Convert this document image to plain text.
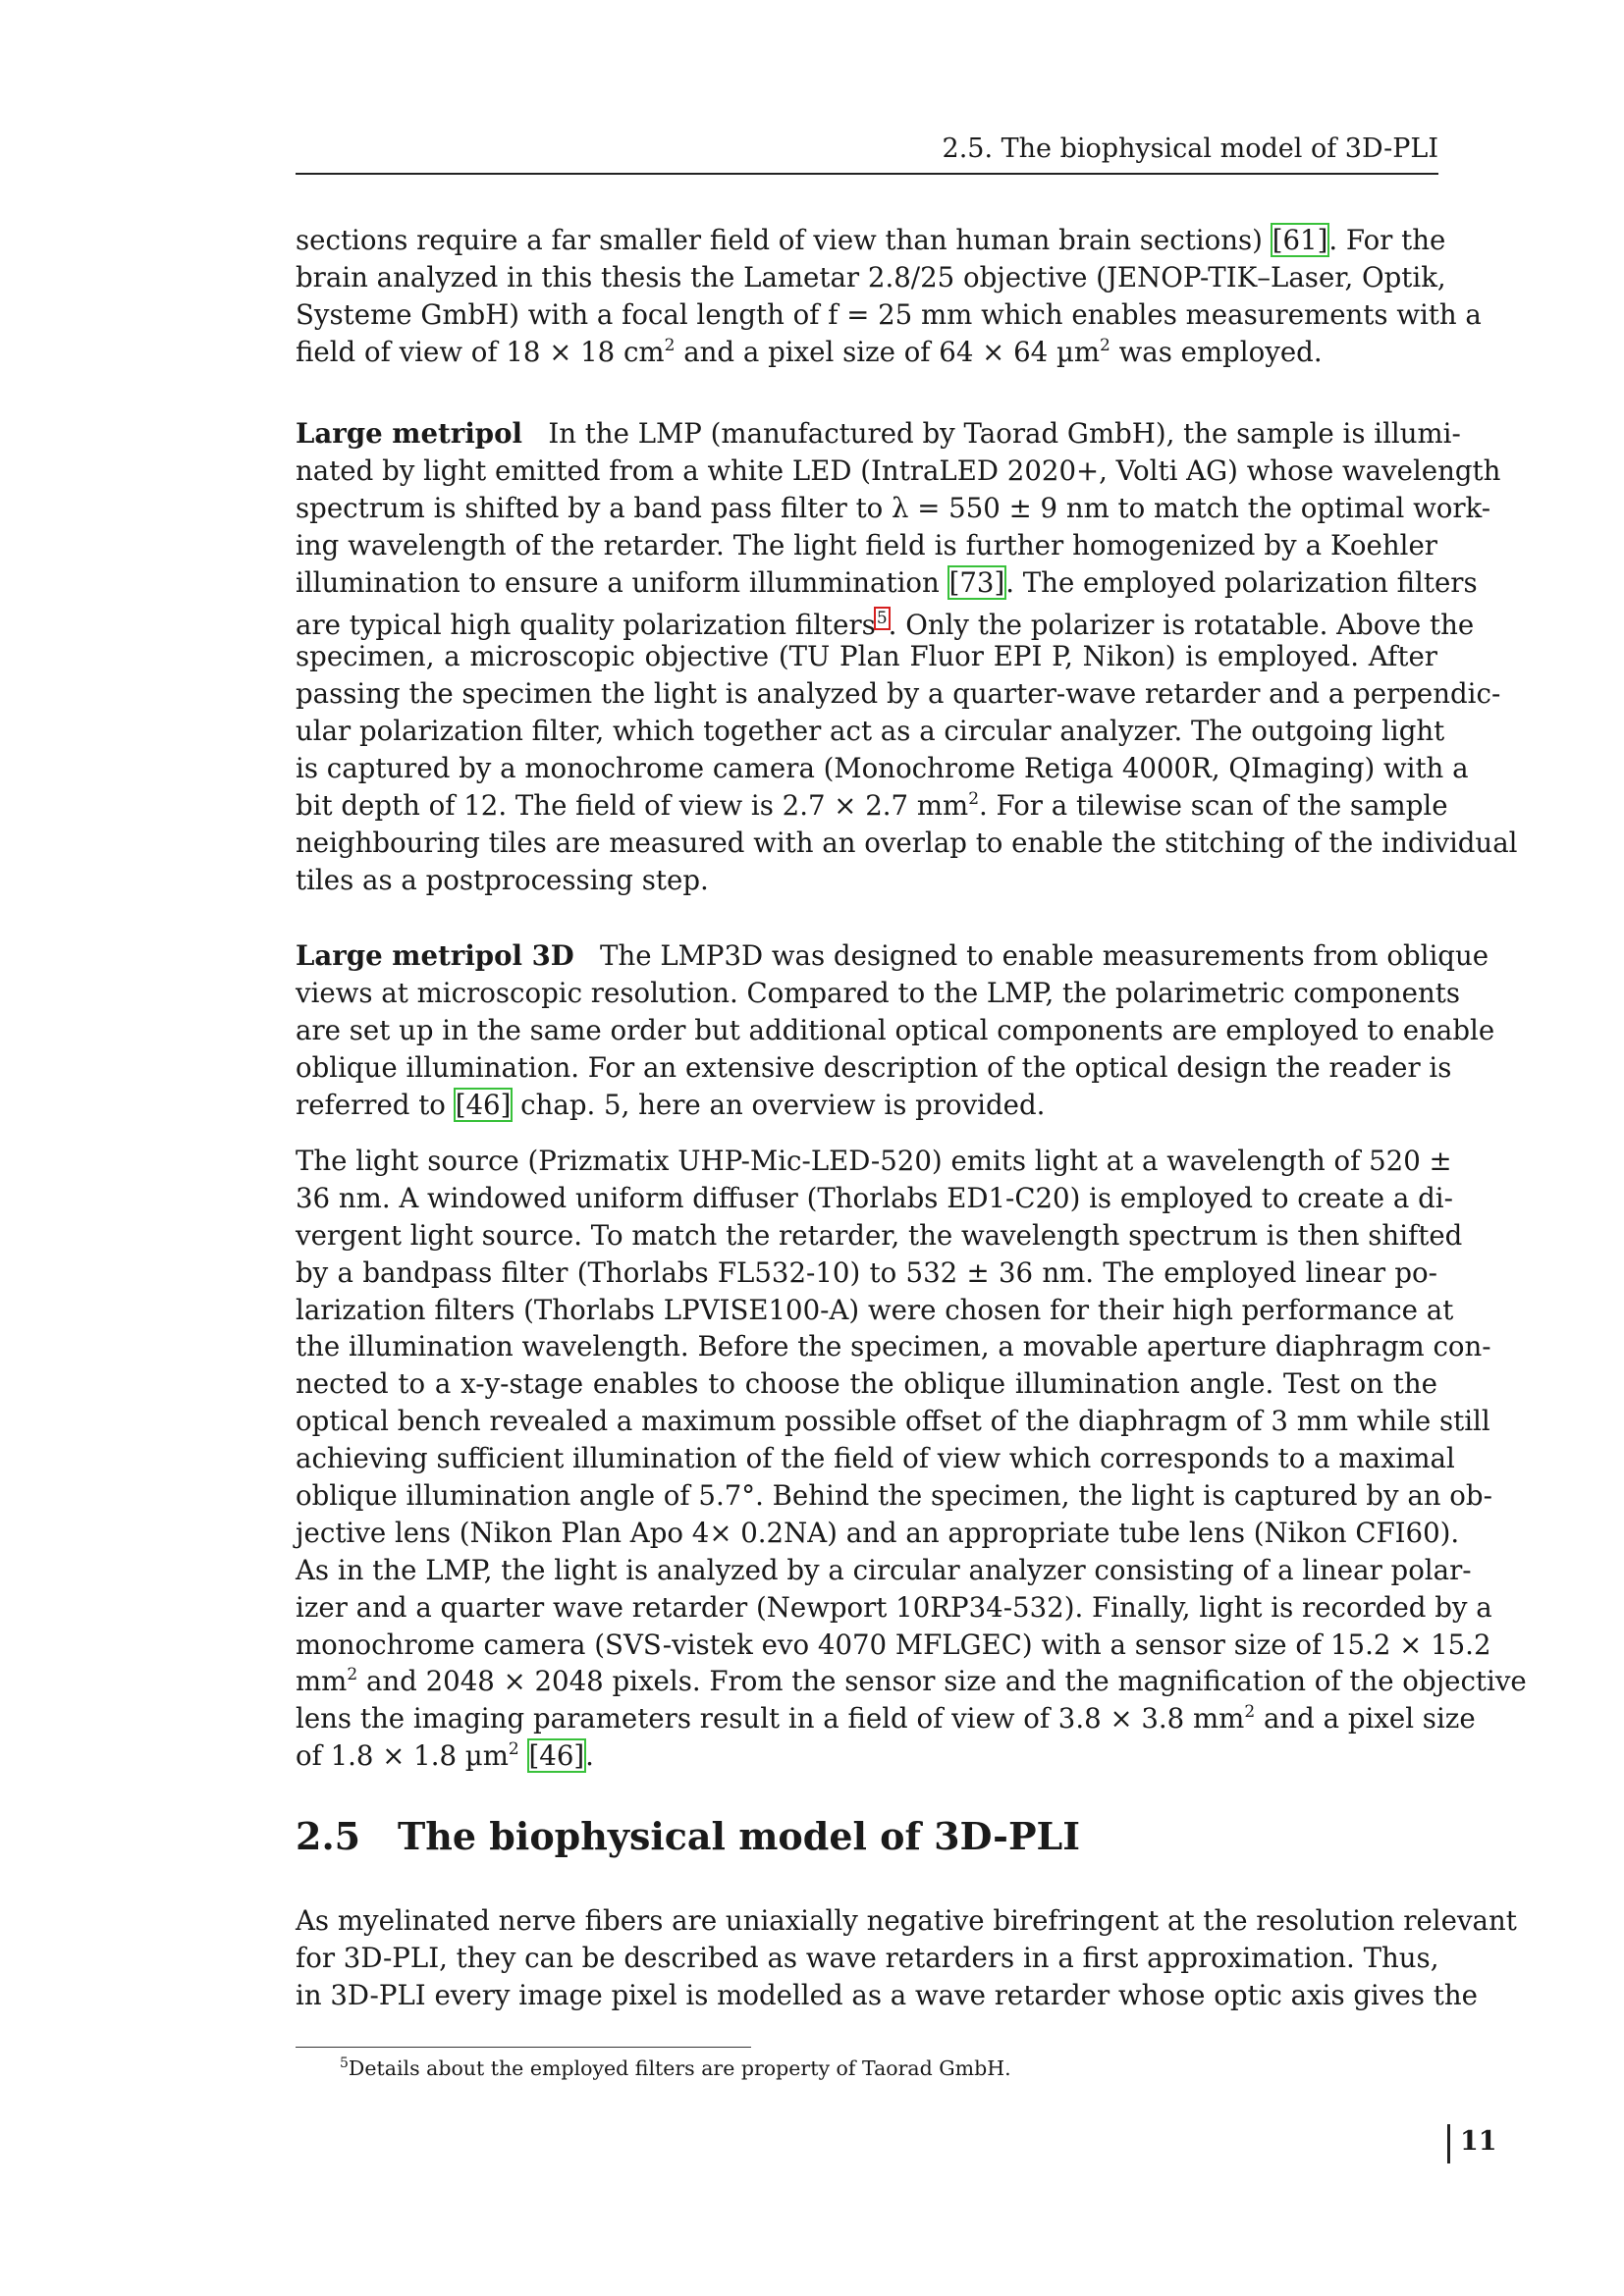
2.5. The biophysical model of 3D-PLI
sections require a far smaller field of view than human brain sections) [61]. For the
brain analyzed in this thesis the Lametar 2.8/25 objective (JENOP-TIK–Laser, Optik,
Systeme GmbH) with a focal length of f = 25 mm which enables measurements with a
field of view of 18 × 18 $cm^2$ and a pixel size of 64 × 64 µm$^2$ was employed.
Large metripol In the LMP (manufactured by Taorad GmbH), the sample is illumi-
nated by light emitted from a white LED (IntraLED 2020+, Volti AG) whose wavelength
spectrum is shifted by a band pass filter to λ = 550 ± 9 nm to match the optimal work-
ing wavelength of the retarder. The light field is further homogenized by a Koehler
illumination to ensure a uniform illummination [73]. The employed polarization filters
are typical high quality polarization filters$^5$. Only the polarizer is rotatable. Above the
specimen, a microscopic objective (TU Plan Fluor EPI P, Nikon) is employed. After
passing the specimen the light is analyzed by a quarter-wave retarder and a perpendic-
ular polarization filter, which together act as a circular analyzer. The outgoing light
is captured by a monochrome camera (Monochrome Retiga 4000R, QImaging) with a
bit depth of 12. The field of view is 2.7 × 2.7 $mm^2$. For a tilewise scan of the sample
neighbouring tiles are measured with an overlap to enable the stitching of the individual
tiles as a postprocessing step.
Large metripol 3D The LMP3D was designed to enable measurements from oblique
views at microscopic resolution. Compared to the LMP, the polarimetric components
are set up in the same order but additional optical components are employed to enable
oblique illumination. For an extensive description of the optical design the reader is
referred to [46] chap. 5, here an overview is provided.
The light source (Prizmatix UHP-Mic-LED-520) emits light at a wavelength of 520 ±
36 nm. A windowed uniform diffuser (Thorlabs ED1-C20) is employed to create a di-
vergent light source. To match the retarder, the wavelength spectrum is then shifted
by a bandpass filter (Thorlabs FL532-10) to 532 ± 36 nm. The employed linear po-
larization filters (Thorlabs LPVISE100-A) were chosen for their high performance at
the illumination wavelength. Before the specimen, a movable aperture diaphragm con-
nected to a x-y-stage enables to choose the oblique illumination angle. Test on the
optical bench revealed a maximum possible offset of the diaphragm of 3 mm while still
achieving sufficient illumination of the field of view which corresponds to a maximal
oblique illumination angle of 5.7°. Behind the specimen, the light is captured by an ob-
jective lens (Nikon Plan Apo 4× 0.2NA) and an appropriate tube lens (Nikon CFI60).
As in the LMP, the light is analyzed by a circular analyzer consisting of a linear polar-
izer and a quarter wave retarder (Newport 10RP34-532). Finally, light is recorded by a
monochrome camera (SVS-vistek evo 4070 MFLGEC) with a sensor size of 15.2 × 15.2
$mm^2$ and 2048 × 2048 pixels. From the sensor size and the magnification of the objective
lens the imaging parameters result in a field of view of 3.8 × 3.8 $mm^2$ and a pixel size
of 1.8 × 1.8 µm$^2$ [46].
2.5 The biophysical model of 3D-PLI
As myelinated nerve fibers are uniaxially negative birefringent at the resolution relevant
for 3D-PLI, they can be described as wave retarders in a first approximation. Thus,
in 3D-PLI every image pixel is modelled as a wave retarder whose optic axis gives the
$^5$Details about the employed filters are property of Taorad GmbH.
11
